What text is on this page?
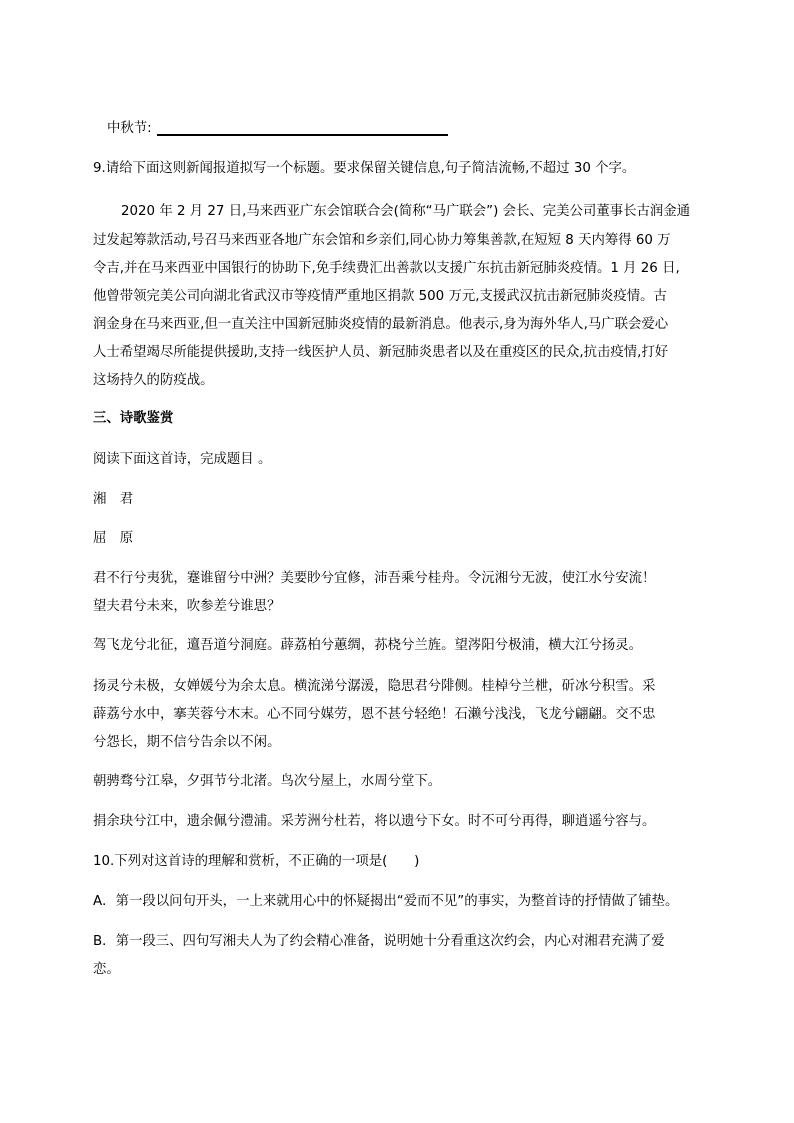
中秋节:
9.请给下面这则新闻报道拟写一个标题。要求保留关键信息,句子简洁流畅,不超过 30 个字。
2020 年 2 月 27 日,马来西亚广东会馆联合会(简称“马广联会”) 会长、完美公司董事长古润金通
过发起筹款活动,号召马来西亚各地广东会馆和乡亲们,同心协力筹集善款,在短短 8 天内筹得 60 万
令吉,并在马来西亚中国银行的协助下,免手续费汇出善款以支援广东抗击新冠肺炎疫情。1 月 26 日,
他曾带领完美公司向湖北省武汉市等疫情严重地区捐款 500 万元,支援武汉抗击新冠肺炎疫情。古
润金身在马来西亚,但一直关注中国新冠肺炎疫情的最新消息。他表示,身为海外华人,马广联会爱心
人士希望竭尽所能提供援助,支持一线医护人员、新冠肺炎患者以及在重疫区的民众,抗击疫情,打好
这场持久的防疫战。
三、诗歌鉴赏
阅读下面这首诗，完成题目 。
湘　君
屈　原
君不行兮夷犹，蹇谁留兮中洲？美要眇兮宜修，沛吾乘兮桂舟。令沅湘兮无波，使江水兮安流！
望夫君兮未来，吹参差兮谁思？
驾飞龙兮北征，邅吾道兮洞庭。薜荔柏兮蕙绸，荪桡兮兰旌。望涔阳兮极浦，横大江兮扬灵。
扬灵兮未极，女婵媛兮为余太息。横流涕兮潺湲，隐思君兮陫侧。桂棹兮兰枻，斫冰兮积雪。采
薜荔兮水中，搴芙蓉兮木末。心不同兮媒劳，恩不甚兮轻绝！石濑兮浅浅，飞龙兮翩翩。交不忠
兮怨长，期不信兮告余以不闲。
朝骋骛兮江皋，夕弭节兮北渚。鸟次兮屋上，水周兮堂下。
捐余玦兮江中，遗余佩兮澧浦。采芳洲兮杜若，将以遗兮下女。时不可兮再得，聊逍遥兮容与。
10.下列对这首诗的理解和赏析，不正确的一项是(　　)
A．第一段以问句开头，一上来就用心中的怀疑揭出“爱而不见”的事实，为整首诗的抒情做了铺垫。
B．第一段三、四句写湘夫人为了约会精心准备，说明她十分看重这次约会，内心对湘君充满了爱
恋。
